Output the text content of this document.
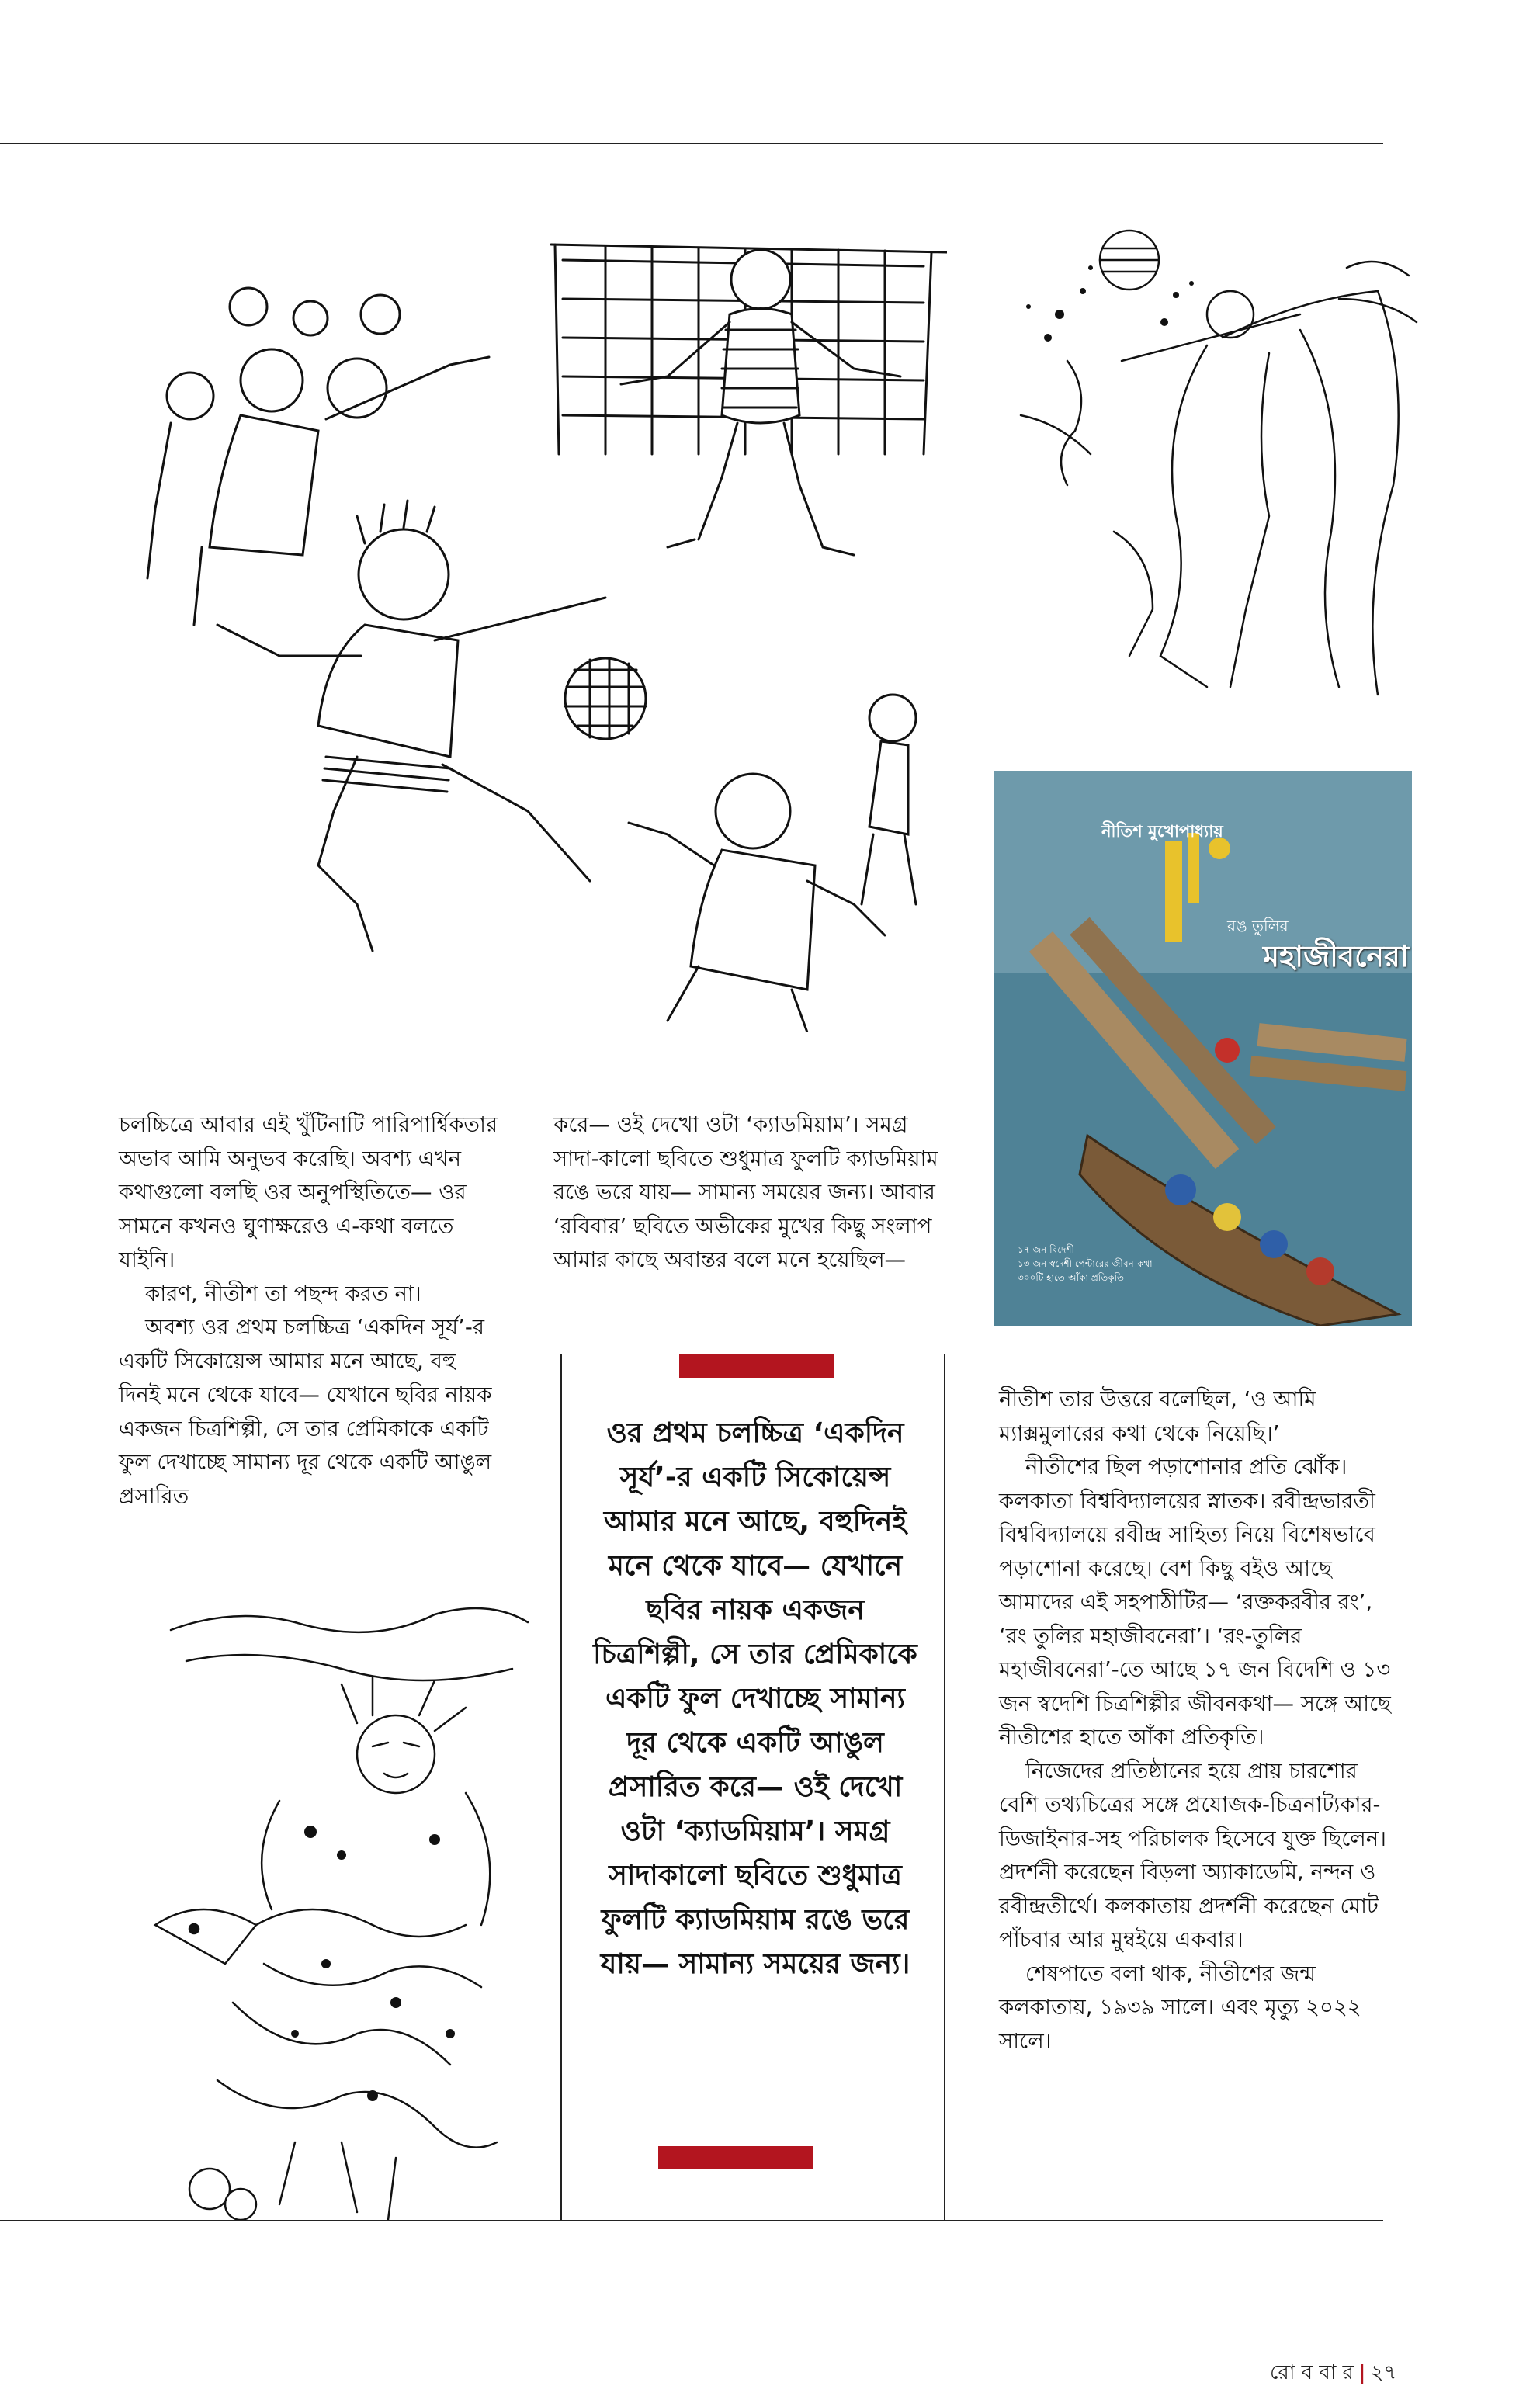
নীতিশ মুখোপাধ্যায়
রঙ তুলির
মহাজীবনেরা
১৭ জন বিদেশী
১৩ জন স্বদেশী পেন্টারের জীবন-কথা
৩০০টি হাতে-আঁকা প্রতিকৃতি

চলচ্চিত্রে আবার এই খুঁটিনাটি পারিপার্শ্বিকতার অভাব আমি অনুভব করেছি। অবশ্য এখন কথাগুলো বলছি ওর অনুপস্থিতিতে— ওর সামনে কখনও ঘুণাক্ষরেও এ-কথা বলতে যাইনি।

কারণ, নীতীশ তা পছন্দ করত না।

অবশ্য ওর প্রথম চলচ্চিত্র ‘একদিন সূর্য’-র একটি সিকোয়েন্স আমার মনে আছে, বহু দিনই মনে থেকে যাবে— যেখানে ছবির নায়ক একজন চিত্রশিল্পী, সে তার প্রেমিকাকে একটি ফুল দেখাচ্ছে সামান্য দূর থেকে একটি আঙুল প্রসারিত

করে— ওই দেখো ওটা ‘ক্যাডমিয়াম’। সমগ্র সাদা-কালো ছবিতে শুধুমাত্র ফুলটি ক্যাডমিয়াম রঙে ভরে যায়— সামান্য সময়ের জন্য। আবার ‘রবিবার’ ছবিতে অভীকের মুখের কিছু সংলাপ আমার কাছে অবান্তর বলে মনে হয়েছিল—

ওর প্রথম চলচ্চিত্র ‘একদিন সূর্য’-র একটি সিকোয়েন্স আমার মনে আছে, বহুদিনই মনে থেকে যাবে— যেখানে ছবির নায়ক একজন চিত্রশিল্পী, সে তার প্রেমিকাকে একটি ফুল দেখাচ্ছে সামান্য দূর থেকে একটি আঙুল প্রসারিত করে— ওই দেখো ওটা ‘ক্যাডমিয়াম’। সমগ্র সাদাকালো ছবিতে শুধুমাত্র ফুলটি ক্যাডমিয়াম রঙে ভরে যায়— সামান্য সময়ের জন্য।

নীতীশ তার উত্তরে বলেছিল, ‘ও আমি ম্যাক্সমুলারের কথা থেকে নিয়েছি।’

নীতীশের ছিল পড়াশোনার প্রতি ঝোঁক। কলকাতা বিশ্ববিদ্যালয়ের স্নাতক। রবীন্দ্রভারতী বিশ্ববিদ্যালয়ে রবীন্দ্র সাহিত্য নিয়ে বিশেষভাবে পড়াশোনা করেছে। বেশ কিছু বইও আছে আমাদের এই সহপাঠীটির— ‘রক্তকরবীর রং’, ‘রং তুলির মহাজীবনেরা’। ‘রং-তুলির মহাজীবনেরা’-তে আছে ১৭ জন বিদেশি ও ১৩ জন স্বদেশি চিত্রশিল্পীর জীবনকথা— সঙ্গে আছে নীতীশের হাতে আঁকা প্রতিকৃতি।

নিজেদের প্রতিষ্ঠানের হয়ে প্রায় চারশোর বেশি তথ্যচিত্রের সঙ্গে প্রযোজক-চিত্রনাট্যকার-ডিজাইনার-সহ পরিচালক হিসেবে যুক্ত ছিলেন। প্রদর্শনী করেছেন বিড়লা অ্যাকাডেমি, নন্দন ও রবীন্দ্রতীর্থে। কলকাতায় প্রদর্শনী করেছেন মোট পাঁচবার আর মুম্বইয়ে একবার।

শেষপাতে বলা থাক, নীতীশের জন্ম কলকাতায়, ১৯৩৯ সালে। এবং মৃত্যু ২০২২ সালে।

রো ব বা র | ২৭
